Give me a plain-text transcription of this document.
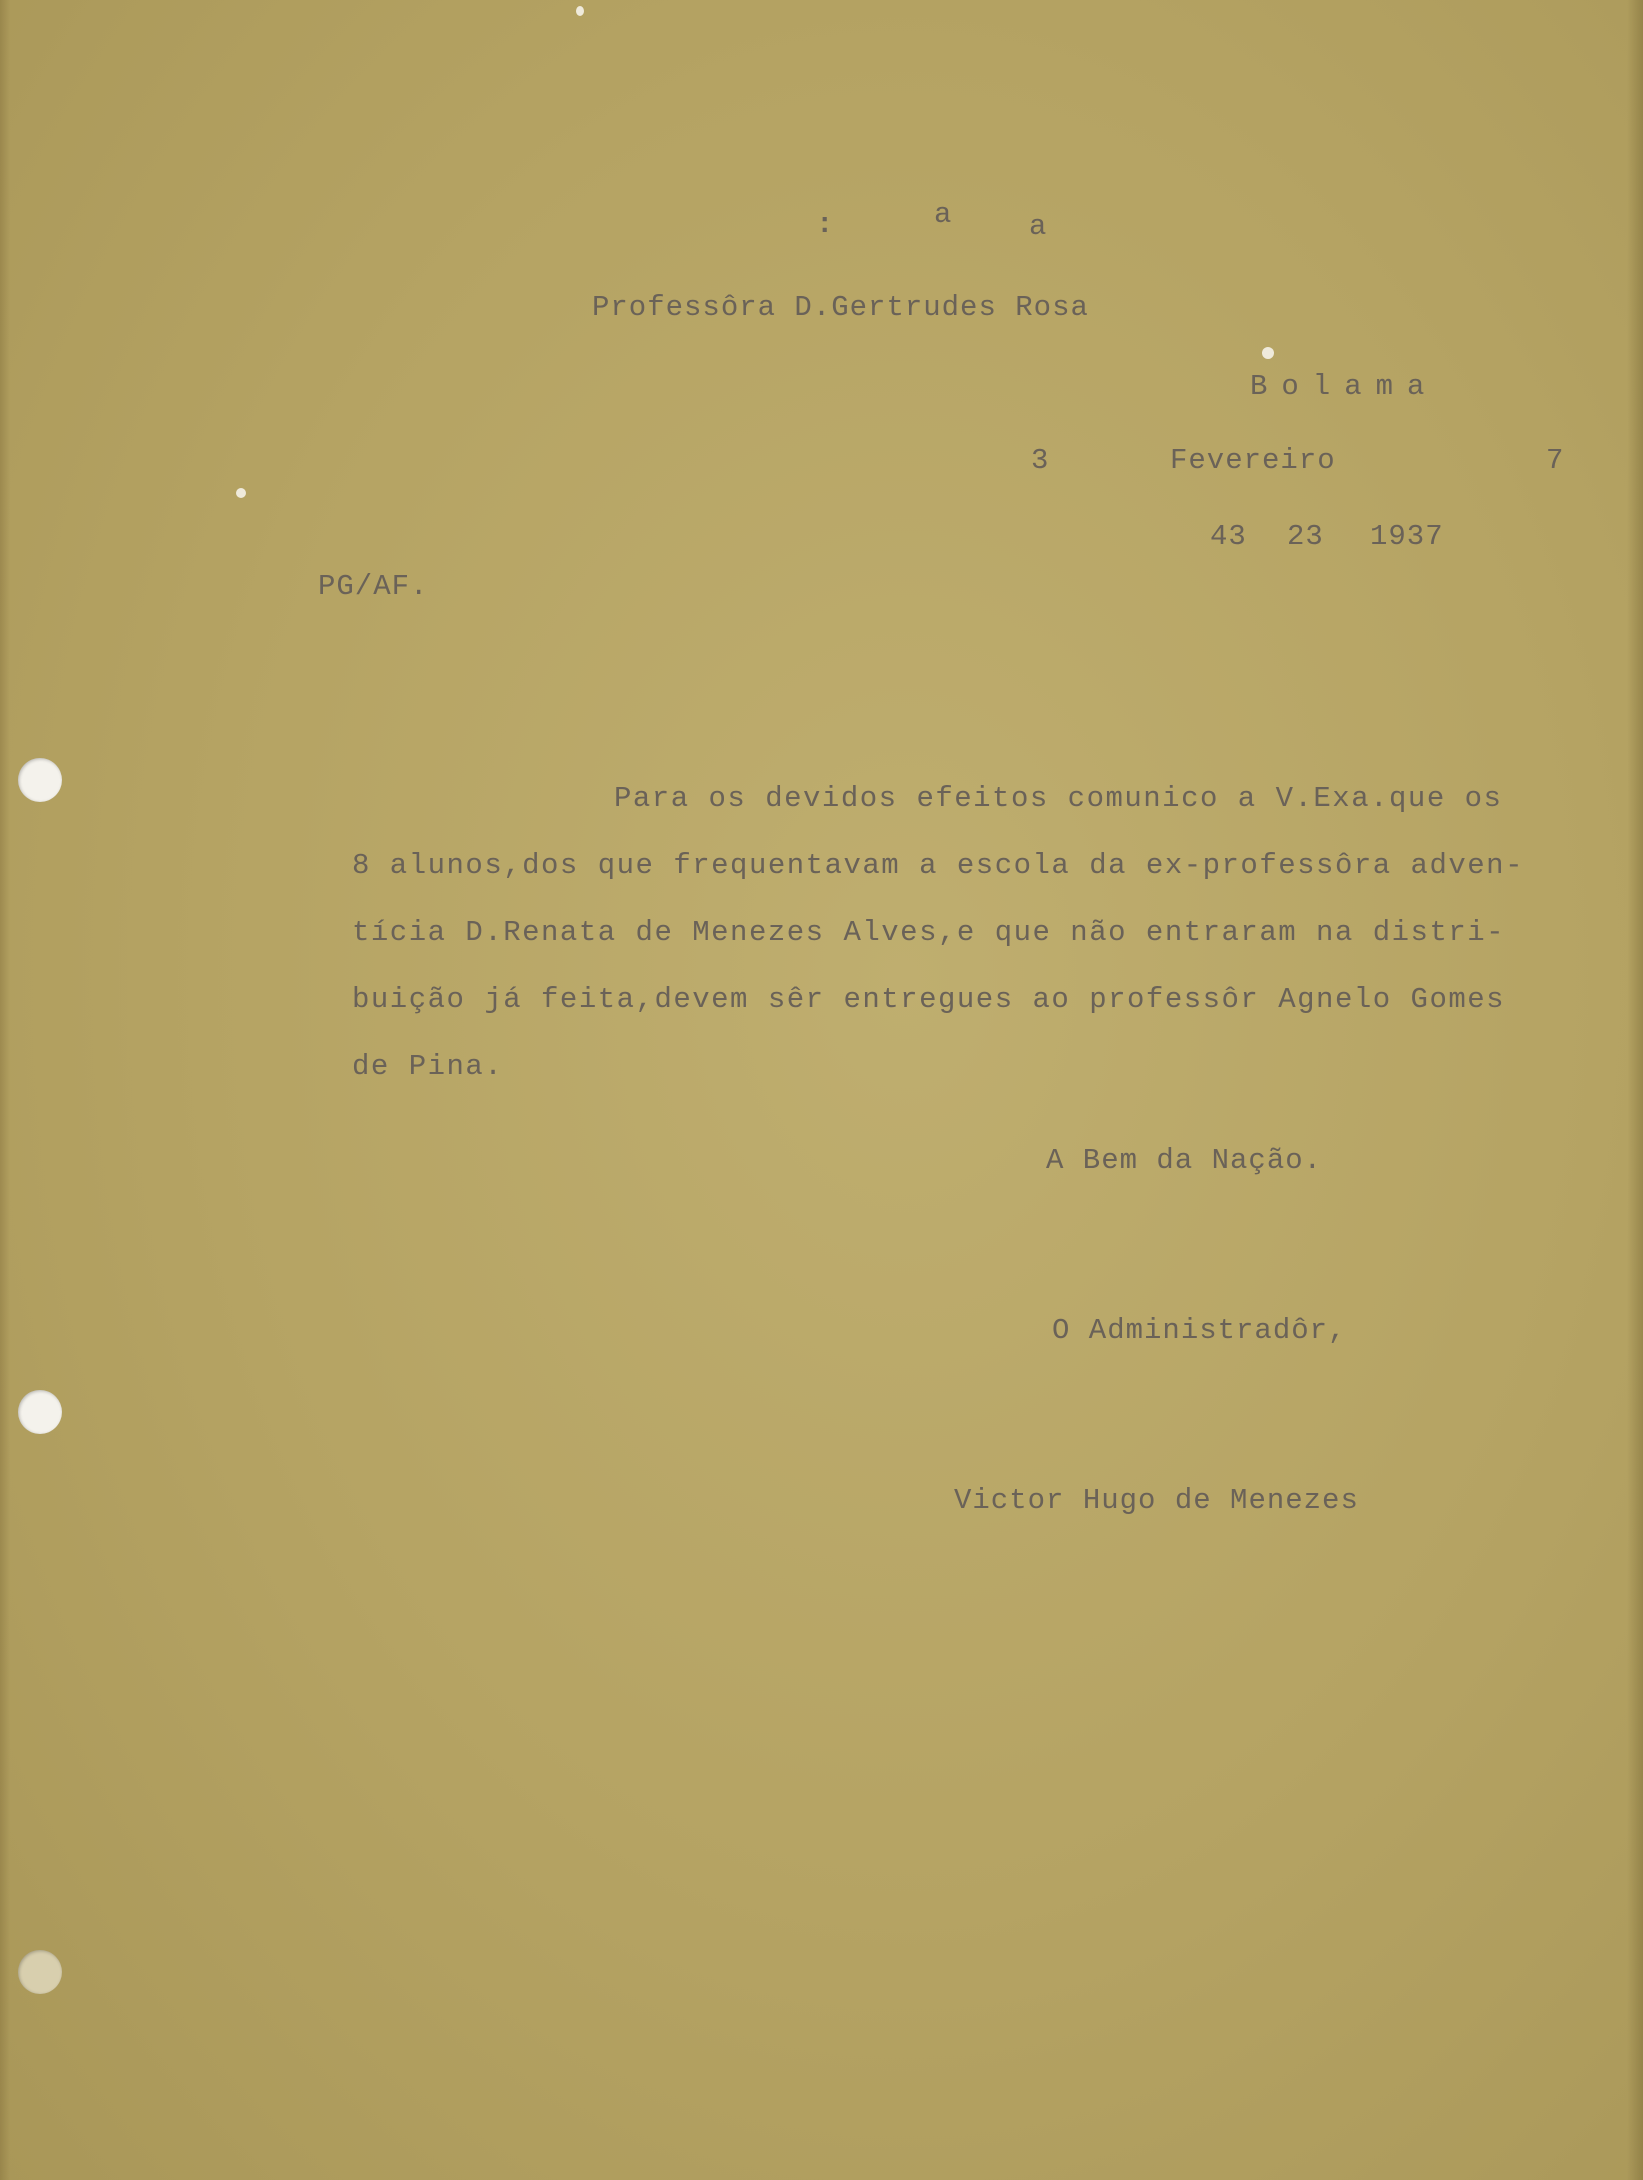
:	a	a
Professôra D.Gertrudes Rosa
Bolama
3	Fevereiro	7
43 23 1937
PG/AF.
Para os devidos efeitos comunico a V.Exa.que os
8 alunos,dos que frequentavam a escola da ex-professôra adven-
tícia D.Renata de Menezes Alves,e que não entraram na distri-
buição já feita,devem sêr entregues ao professôr Agnelo Gomes
de Pina.
A Bem da Nação.
O Administradôr,
Victor Hugo de Menezes
